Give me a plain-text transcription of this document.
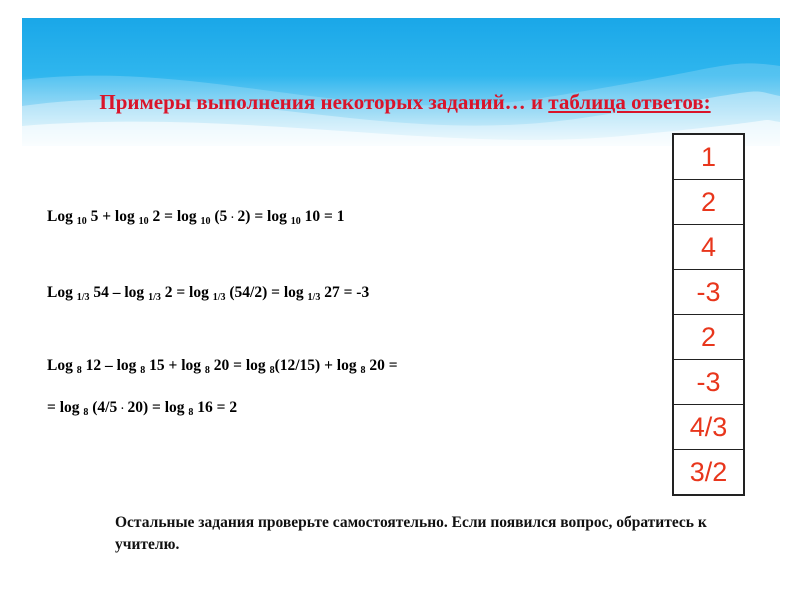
Примеры выполнения некоторых заданий… и таблица ответов:
Log $_{10}$ 5 + log $_{10}$ 2 = log $_{10}$ (5 . 2) = log $_{10}$ 10 = 1
Log $_{1/3}$ 54 – log $_{1/3}$ 2 = log $_{1/3}$ (54/2) = log $_{1/3}$ 27 = -3
Log $_8$ 12 – log $_8$ 15 + log $_8$ 20 = log $_8$(12/15) + log $_8$ 20 =
= log $_8$ (4/5 . 20) = log $_8$ 16 = 2
1
2
4
-3
2
-3
4/3
3/2
Остальные задания проверьте самостоятельно. Если появился вопрос, обратитесь к учителю.
